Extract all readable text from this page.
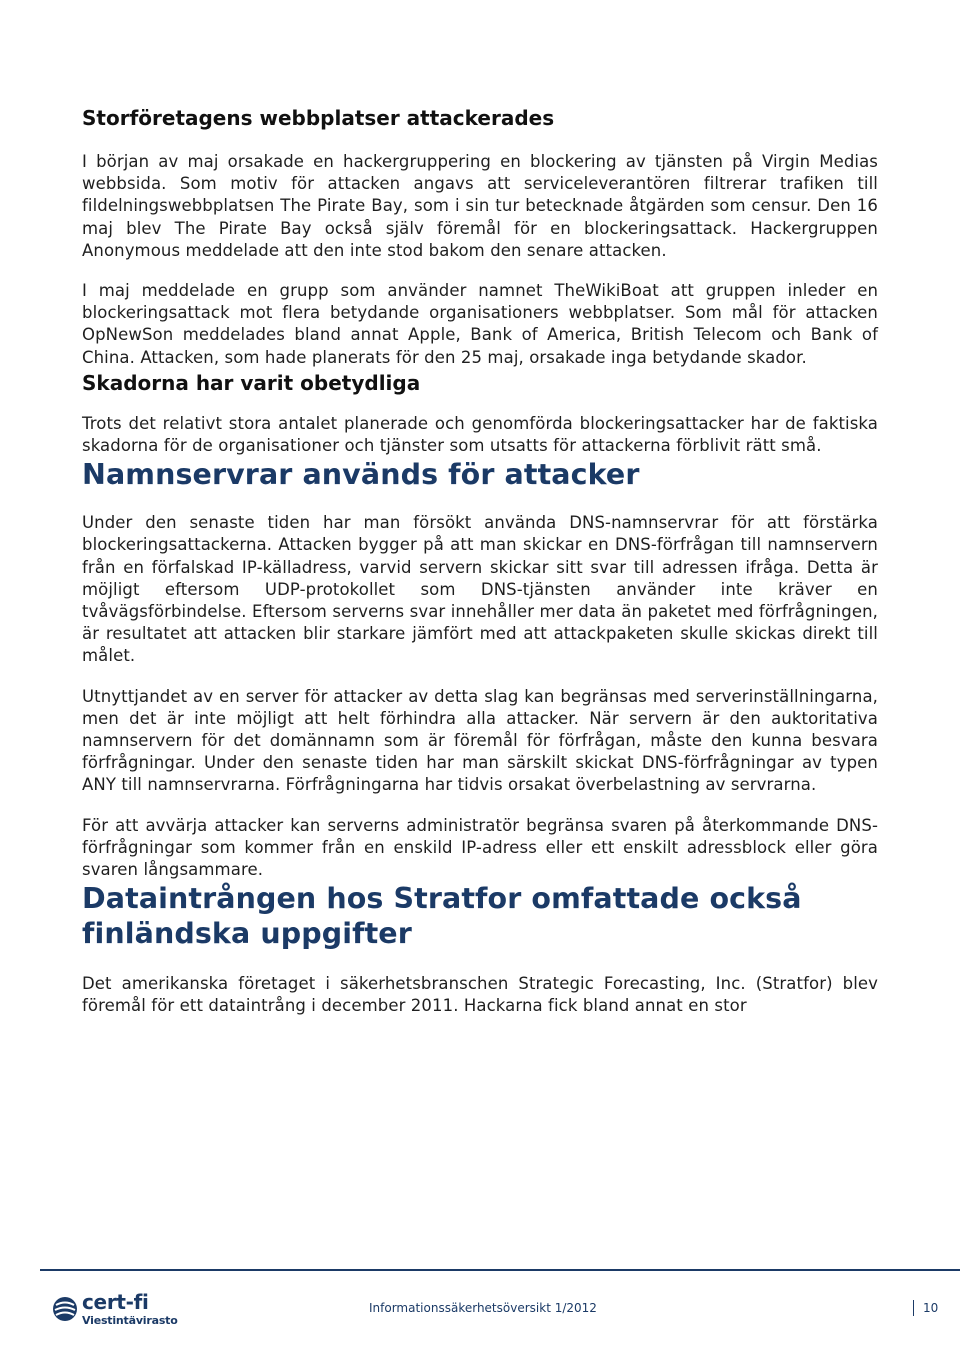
Storföretagens webbplatser attackerades

I början av maj orsakade en hackergruppering en blockering av tjänsten på Virgin Medias webbsida. Som motiv för attacken angavs att serviceleverantören filtrerar trafiken till fildelningswebbplatsen The Pirate Bay, som i sin tur betecknade åtgärden som censur. Den 16 maj blev The Pirate Bay också själv föremål för en blockeringsattack. Hackergruppen Anonymous meddelade att den inte stod bakom den senare attacken.

I maj meddelade en grupp som använder namnet TheWikiBoat att gruppen inleder en blockeringsattack mot flera betydande organisationers webbplatser. Som mål för attacken OpNewSon meddelades bland annat Apple, Bank of America, British Telecom och Bank of China. Attacken, som hade planerats för den 25 maj, orsakade inga betydande skador.

Skadorna har varit obetydliga

Trots det relativt stora antalet planerade och genomförda blockeringsattacker har de faktiska skadorna för de organisationer och tjänster som utsatts för attackerna förblivit rätt små.

Namnservrar används för attacker

Under den senaste tiden har man försökt använda DNS-namnservrar för att förstärka blockeringsattackerna. Attacken bygger på att man skickar en DNS-förfrågan till namnservern från en förfalskad IP-källadress, varvid servern skickar sitt svar till adressen ifråga. Detta är möjligt eftersom UDP-protokollet som DNS-tjänsten använder inte kräver en tvåvägsförbindelse. Eftersom serverns svar innehåller mer data än paketet med förfrågningen, är resultatet att attacken blir starkare jämfört med att attackpaketen skulle skickas direkt till målet.

Utnyttjandet av en server för attacker av detta slag kan begränsas med serverinställningarna, men det är inte möjligt att helt förhindra alla attacker. När servern är den auktoritativa namnservern för det domännamn som är föremål för förfrågan, måste den kunna besvara förfrågningar. Under den senaste tiden har man särskilt skickat DNS-förfrågningar av typen ANY till namnservrarna. Förfrågningarna har tidvis orsakat överbelastning av servrarna.

För att avvärja attacker kan serverns administratör begränsa svaren på återkommande DNS-förfrågningar som kommer från en enskild IP-adress eller ett enskilt adressblock eller göra svaren långsammare.

Dataintrången hos Stratfor omfattade också finländska uppgifter

Det amerikanska företaget i säkerhetsbranschen Strategic Forecasting, Inc. (Stratfor) blev föremål för ett dataintrång i december 2011. Hackarna fick bland annat en stor

cert-fi
Viestintävirasto
Informationssäkerhetsöversikt 1/2012	10
